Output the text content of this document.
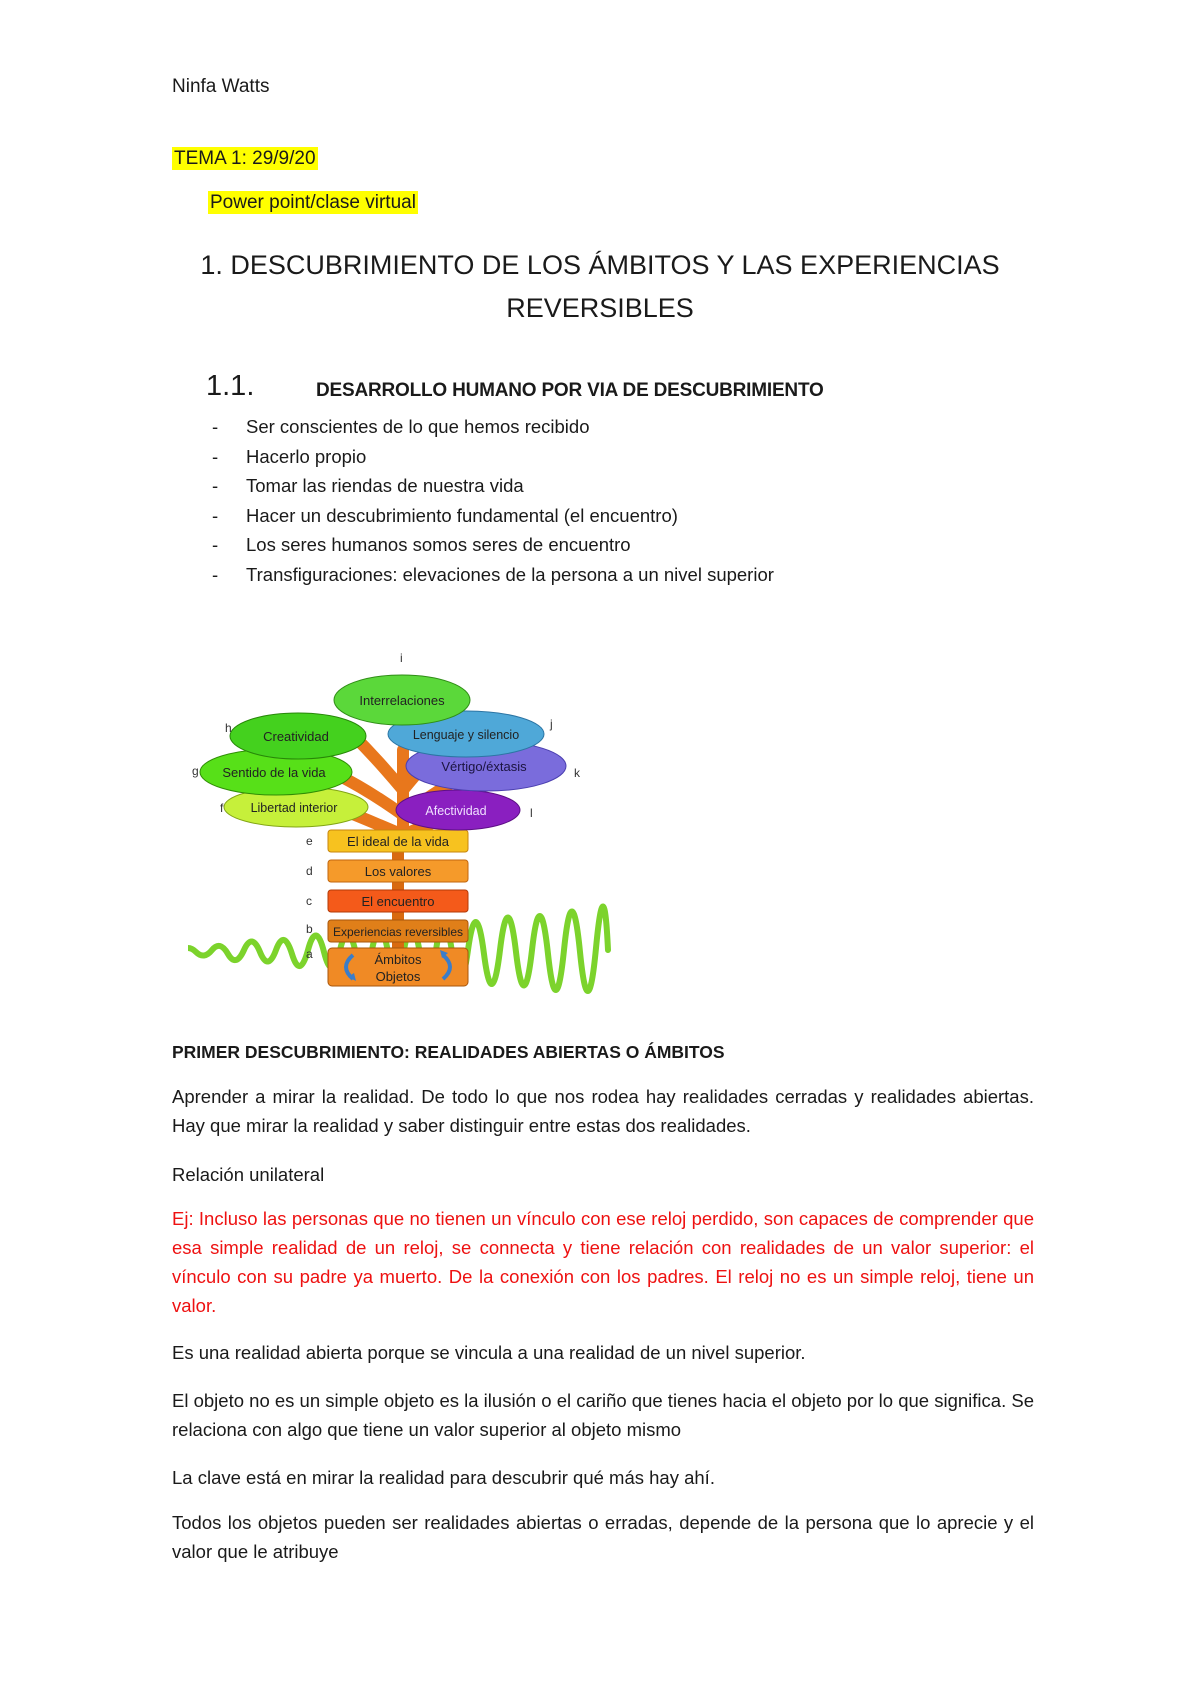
Ninfa Watts
TEMA 1: 29/9/20
Power point/clase virtual
1. DESCUBRIMIENTO DE LOS ÁMBITOS Y LAS EXPERIENCIAS REVERSIBLES
1.1.	DESARROLLO HUMANO POR VIA DE DESCUBRIMIENTO
- Ser conscientes de lo que hemos recibido
- Hacerlo propio
- Tomar las riendas de nuestra vida
- Hacer un descubrimiento fundamental (el encuentro)
- Los seres humanos somos seres de encuentro
- Transfiguraciones: elevaciones de la persona a un nivel superior
El ideal de la vida
Los valores
El encuentro
Experiencias reversibles
Ámbitos
Objetos
e
d
c
b
a
Afectividad
Libertad interior
Vértigo/éxtasis
Sentido de la vida
Lenguaje y silencio
Creatividad
Interrelaciones
i
h	j
g	k
f	l
PRIMER DESCUBRIMIENTO: REALIDADES ABIERTAS O ÁMBITOS

Aprender a mirar la realidad. De todo lo que nos rodea hay realidades cerradas y realidades abiertas. Hay que mirar la realidad y saber distinguir entre estas dos realidades.

Relación unilateral

Ej: Incluso las personas que no tienen un vínculo con ese reloj perdido, son capaces de comprender que esa simple realidad de un reloj, se connecta y tiene relación con realidades de un valor superior: el vínculo con su padre ya muerto. De la conexión con los padres. El reloj no es un simple reloj, tiene un valor.

Es una realidad abierta porque se vincula a una realidad de un nivel superior.

El objeto no es un simple objeto es la ilusión o el cariño que tienes hacia el objeto por lo que significa. Se relaciona con algo que tiene un valor superior al objeto mismo

La clave está en mirar la realidad para descubrir qué más hay ahí.

Todos los objetos pueden ser realidades abiertas o erradas, depende de la persona que lo aprecie y el valor que le atribuye
